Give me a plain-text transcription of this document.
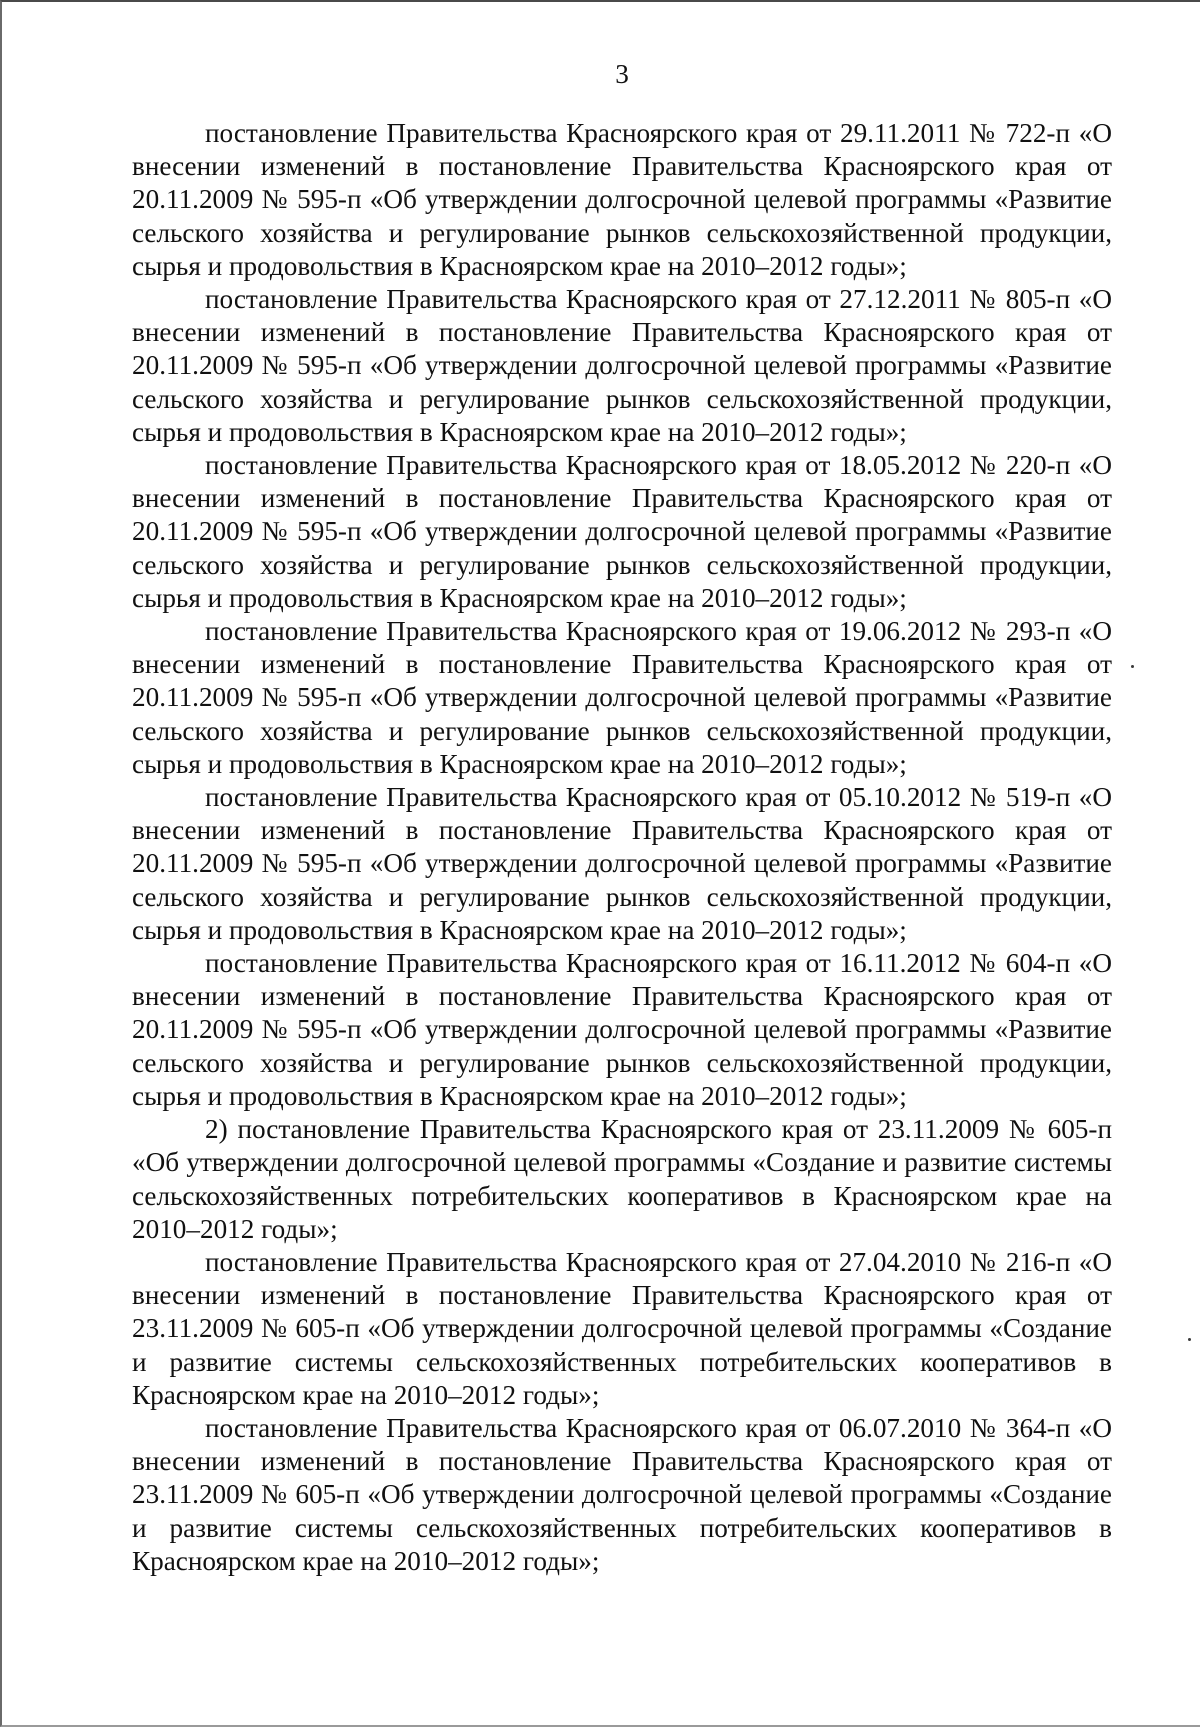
3

постановление Правительства Красноярского края от 29.11.2011 № 722-п «О внесении изменений в постановление Правительства Красноярского края от 20.11.2009 № 595-п «Об утверждении долгосрочной целевой программы «Развитие сельского хозяйства и регулирование рынков сельскохозяйственной продукции, сырья и продовольствия в Красноярском крае на 2010–2012 годы»;

постановление Правительства Красноярского края от 27.12.2011 № 805-п «О внесении изменений в постановление Правительства Красноярского края от 20.11.2009 № 595-п «Об утверждении долгосрочной целевой программы «Развитие сельского хозяйства и регулирование рынков сельскохозяйственной продукции, сырья и продовольствия в Красноярском крае на 2010–2012 годы»;

постановление Правительства Красноярского края от 18.05.2012 № 220-п «О внесении изменений в постановление Правительства Красноярского края от 20.11.2009 № 595-п «Об утверждении долгосрочной целевой программы «Развитие сельского хозяйства и регулирование рынков сельскохозяйственной продукции, сырья и продовольствия в Красноярском крае на 2010–2012 годы»;

постановление Правительства Красноярского края от 19.06.2012 № 293-п «О внесении изменений в постановление Правительства Красноярского края от 20.11.2009 № 595-п «Об утверждении долгосрочной целевой программы «Развитие сельского хозяйства и регулирование рынков сельскохозяйственной продукции, сырья и продовольствия в Красноярском крае на 2010–2012 годы»;

постановление Правительства Красноярского края от 05.10.2012 № 519-п «О внесении изменений в постановление Правительства Красноярского края от 20.11.2009 № 595-п «Об утверждении долгосрочной целевой программы «Развитие сельского хозяйства и регулирование рынков сельскохозяйственной продукции, сырья и продовольствия в Красноярском крае на 2010–2012 годы»;

постановление Правительства Красноярского края от 16.11.2012 № 604-п «О внесении изменений в постановление Правительства Красноярского края от 20.11.2009 № 595-п «Об утверждении долгосрочной целевой программы «Развитие сельского хозяйства и регулирование рынков сельскохозяйственной продукции, сырья и продовольствия в Красноярском крае на 2010–2012 годы»;

2) постановление Правительства Красноярского края от 23.11.2009 № 605-п «Об утверждении долгосрочной целевой программы «Создание и развитие системы сельскохозяйственных потребительских кооперативов в Красноярском крае на 2010–2012 годы»;

постановление Правительства Красноярского края от 27.04.2010 № 216-п «О внесении изменений в постановление Правительства Красноярского края от 23.11.2009 № 605-п «Об утверждении долгосрочной целевой программы «Создание и развитие системы сельскохозяйственных потребительских кооперативов в Красноярском крае на 2010–2012 годы»;

постановление Правительства Красноярского края от 06.07.2010 № 364-п «О внесении изменений в постановление Правительства Красноярского края от 23.11.2009 № 605-п «Об утверждении долгосрочной целевой программы «Создание и развитие системы сельскохозяйственных потребительских кооперативов в Красноярском крае на 2010–2012 годы»;
